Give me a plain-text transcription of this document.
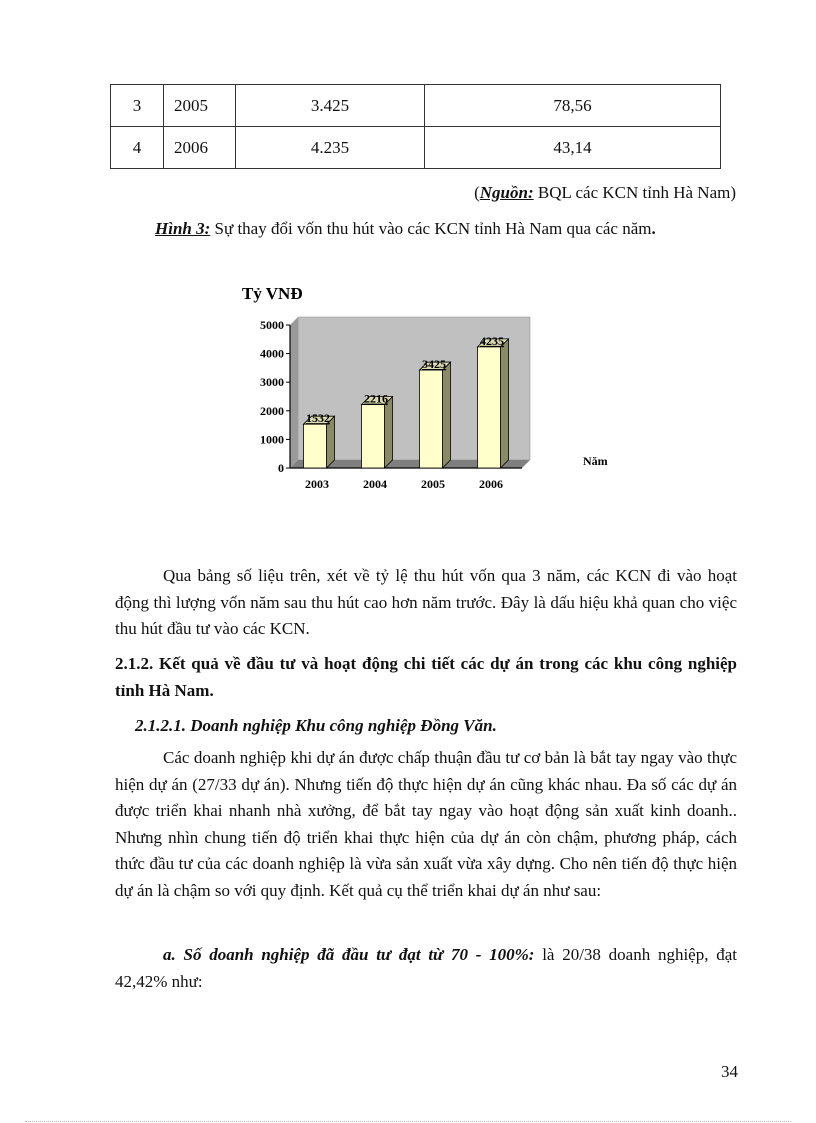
3	2005	3.425	78,56
4	2006	4.235	43,14
(Nguồn: BQL các KCN tỉnh Hà Nam)
Hình 3: Sự thay đổi vốn thu hút vào các KCN tỉnh Hà Nam qua các năm.
Tỷ VNĐ
Năm
0
1000
2000
3000
4000
5000
1532
2003
2216
2004
3425
2005
4235
2006

Qua bảng số liệu trên, xét về tỷ lệ thu hút vốn qua 3 năm, các KCN đi vào hoạt động thì lượng vốn năm sau thu hút cao hơn năm trước. Đây là dấu hiệu khả quan cho việc thu hút đầu tư vào các KCN.

2.1.2. Kết quả về đầu tư và hoạt động chi tiết các dự án trong các khu công nghiệp tỉnh Hà Nam.
2.1.2.1. Doanh nghiệp Khu công nghiệp Đồng Văn.

Các doanh nghiệp khi dự án được chấp thuận đầu tư cơ bản là bắt tay ngay vào thực hiện dự án (27/33 dự án). Nhưng tiến độ thực hiện dự án cũng khác nhau. Đa số các dự án được triển khai nhanh nhà xưởng, để bắt tay ngay vào hoạt động sản xuất kinh doanh.. Nhưng nhìn chung tiến độ triển khai thực hiện của dự án còn chậm, phương pháp, cách thức đầu tư của các doanh nghiệp là vừa sản xuất vừa xây dựng. Cho nên tiến độ thực hiện dự án là chậm so với quy định. Kết quả cụ thể triển khai dự án như sau:

a. Số doanh nghiệp đã đầu tư đạt từ 70 - 100%: là 20/38 doanh nghiệp, đạt 42,42% như:

34
